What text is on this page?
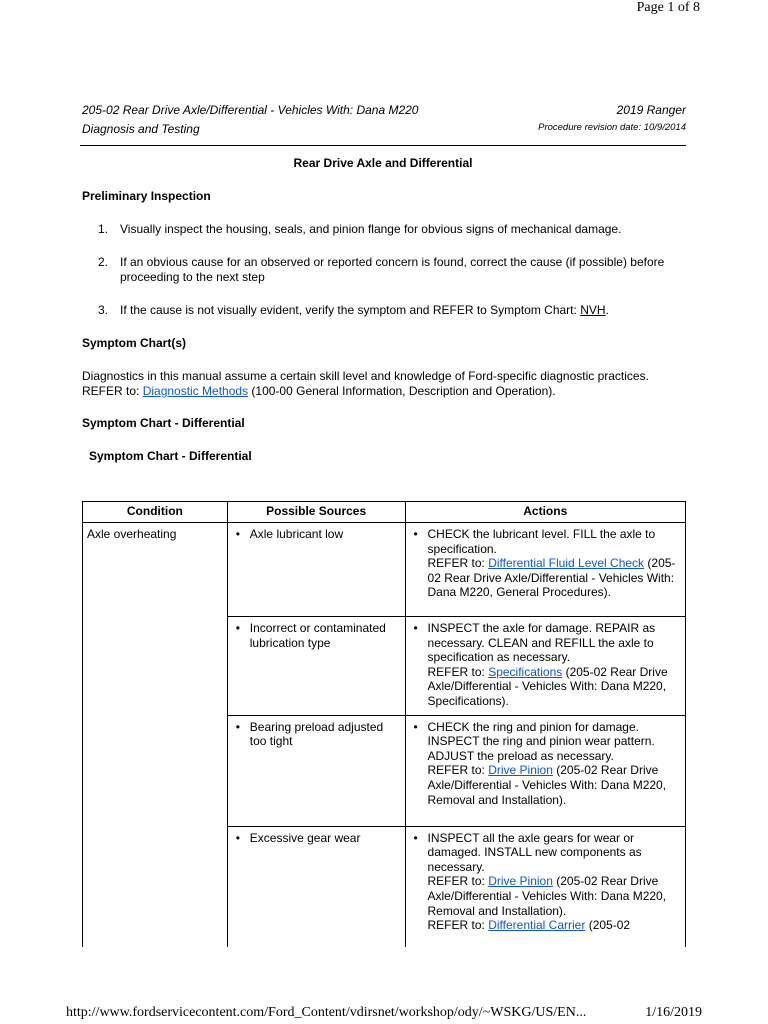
Page 1 of 8
205-02 Rear Drive Axle/Differential - Vehicles With: Dana M220
Diagnosis and Testing
2019 Ranger
Procedure revision date: 10/9/2014
Rear Drive Axle and Differential
Preliminary Inspection
1. Visually inspect the housing, seals, and pinion flange for obvious signs of mechanical damage.
2. If an obvious cause for an observed or reported concern is found, correct the cause (if possible) before proceeding to the next step
3. If the cause is not visually evident, verify the symptom and REFER to Symptom Chart: NVH.
Symptom Chart(s)
Diagnostics in this manual assume a certain skill level and knowledge of Ford-specific diagnostic practices.
REFER to: Diagnostic Methods (100-00 General Information, Description and Operation).
Symptom Chart - Differential
Symptom Chart - Differential
Condition	Possible Sources	Actions
Axle overheating	• Axle lubricant low	• CHECK the lubricant level. FILL the axle to specification.
REFER to: Differential Fluid Level Check (205-02 Rear Drive Axle/Differential - Vehicles With: Dana M220, General Procedures).

	• Incorrect or contaminated lubrication type	• INSPECT the axle for damage. REPAIR as necessary. CLEAN and REFILL the axle to specification as necessary.
REFER to: Specifications (205-02 Rear Drive Axle/Differential - Vehicles With: Dana M220, Specifications).

	• Bearing preload adjusted too tight	• CHECK the ring and pinion for damage. INSPECT the ring and pinion wear pattern. ADJUST the preload as necessary.
REFER to: Drive Pinion (205-02 Rear Drive Axle/Differential - Vehicles With: Dana M220, Removal and Installation).

	• Excessive gear wear	• INSPECT all the axle gears for wear or damaged. INSTALL new components as necessary.
REFER to: Drive Pinion (205-02 Rear Drive Axle/Differential - Vehicles With: Dana M220, Removal and Installation).
REFER to: Differential Carrier (205-02
http://www.fordservicecontent.com/Ford_Content/vdirsnet/workshop/ody/~WSKG/US/EN...	1/16/2019
